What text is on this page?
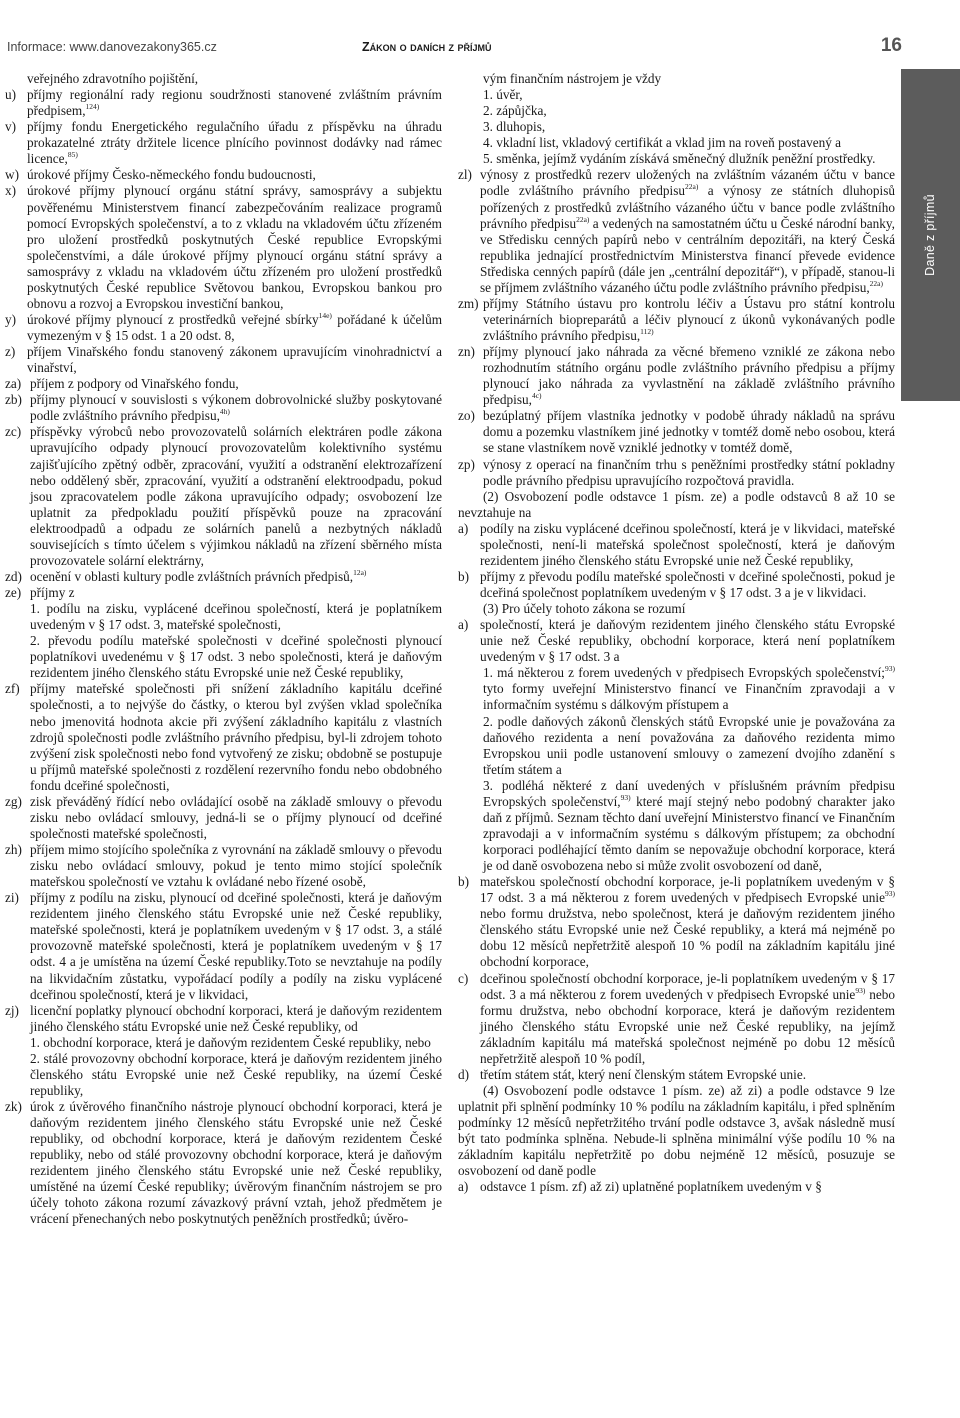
Informace: www.danovezakony365.cz	Zákon o daních z příjmů	16
Daně z příjmů
veřejného zdravotního pojištění,
u) příjmy regionální rady regionu soudržnosti stanovené zvláštním právním předpisem,$^{124)}$
v) příjmy fondu Energetického regulačního úřadu z příspěvku na úhradu prokazatelné ztráty držitele licence plnícího povinnost dodávky nad rámec licence,$^{85)}$
w) úrokové příjmy Česko-německého fondu budoucnosti,
x) úrokové příjmy plynoucí orgánu státní správy, samosprávy a subjektu pověřenému Ministerstvem financí zabezpečováním realizace programů pomocí Evropských společenství, a to z vkladu na vkladovém účtu zřízeném pro uložení prostředků poskytnutých České republice Evropskými společenstvími, a dále úrokové příjmy plynoucí orgánu státní správy a samosprávy z vkladu na vkladovém účtu zřízeném pro uložení prostředků poskytnutých České republice Světovou bankou, Evropskou bankou pro obnovu a rozvoj a Evropskou investiční bankou,
y) úrokové příjmy plynoucí z prostředků veřejné sbírky$^{14e)}$ pořádané k účelům vymezeným v § 15 odst. 1 a 20 odst. 8,
z) příjem Vinařského fondu stanovený zákonem upravujícím vinohradnictví a vinařství,
za) příjem z podpory od Vinařského fondu,
zb) příjmy plynoucí v souvislosti s výkonem dobrovolnické služby poskytované podle zvláštního právního předpisu,$^{4h)}$
zc) příspěvky výrobců nebo provozovatelů solárních elektráren podle zákona upravujícího odpady plynoucí provozovatelům kolektivního systému zajišťujícího zpětný odběr, zpracování, využití a odstranění elektrozařízení nebo oddělený sběr, zpracování, využití a odstranění elektroodpadu, pokud jsou zpracovatelem podle zákona upravujícího odpady; osvobození lze uplatnit za předpokladu použití příspěvků pouze na zpracování elektroodpadů a odpadu ze solárních panelů a nezbytných nákladů souvisejících s tímto účelem s výjimkou nákladů na zřízení sběrného místa provozovatele solární elektrárny,
zd) ocenění v oblasti kultury podle zvláštních právních předpisů,$^{12a)}$
ze) příjmy z
1. podílu na zisku, vyplácené dceřinou společností, která je poplatníkem uvedeným v § 17 odst. 3, mateřské společnosti,
2. převodu podílu mateřské společnosti v dceřiné společnosti plynoucí poplatníkovi uvedenému v § 17 odst. 3 nebo společnosti, která je daňovým rezidentem jiného členského státu Evropské unie než České republiky,
zf) příjmy mateřské společnosti při snížení základního kapitálu dceřiné společnosti, a to nejvýše do částky, o kterou byl zvýšen vklad společníka nebo jmenovitá hodnota akcie při zvýšení základního kapitálu z vlastních zdrojů společnosti podle zvláštního právního předpisu, byl-li zdrojem tohoto zvýšení zisk společnosti nebo fond vytvořený ze zisku; obdobně se postupuje u příjmů mateřské společnosti z rozdělení rezervního fondu nebo obdobného fondu dceřiné společnosti,
zg) zisk převáděný řídící nebo ovládající osobě na základě smlouvy o převodu zisku nebo ovládací smlouvy, jedná-li se o příjmy plynoucí od dceřiné společnosti mateřské společnosti,
zh) příjem mimo stojícího společníka z vyrovnání na základě smlouvy o převodu zisku nebo ovládací smlouvy, pokud je tento mimo stojící společník mateřskou společností ve vztahu k ovládané nebo řízené osobě,
zi) příjmy z podílu na zisku, plynoucí od dceřiné společnosti, která je daňovým rezidentem jiného členského státu Evropské unie než České republiky, mateřské společnosti, která je poplatníkem uvedeným v § 17 odst. 3, a stálé provozovně mateřské společnosti, která je poplatníkem uvedeným v § 17 odst. 4 a je umístěna na území České republiky.Toto se nevztahuje na podíly na likvidačním zůstatku, vypořádací podíly a podíly na zisku vyplácené dceřinou společností, která je v likvidaci,
zj) licenční poplatky plynoucí obchodní korporaci, která je daňovým rezidentem jiného členského státu Evropské unie než České republiky, od
1. obchodní korporace, která je daňovým rezidentem České republiky, nebo
2. stálé provozovny obchodní korporace, která je daňovým rezidentem jiného členského státu Evropské unie než České republiky, na území České republiky,
zk) úrok z úvěrového finančního nástroje plynoucí obchodní korporaci, která je daňovým rezidentem jiného členského státu Evropské unie než České republiky, od obchodní korporace, která je daňovým rezidentem České republiky, nebo od stálé provozovny obchodní korporace, která je daňovým rezidentem jiného členského státu Evropské unie než České republiky, umístěné na území České republiky; úvěrovým finančním nástrojem se pro účely tohoto zákona rozumí závazkový právní vztah, jehož předmětem je vrácení přenechaných nebo poskytnutých peněžních prostředků; úvěro-
vým finančním nástrojem je vždy
1. úvěr,
2. zápůjčka,
3. dluhopis,
4. vkladní list, vkladový certifikát a vklad jim na roveň postavený a
5. směnka, jejímž vydáním získává směnečný dlužník peněžní prostředky.
zl) výnosy z prostředků rezerv uložených na zvláštním vázaném účtu v bance podle zvláštního právního předpisu$^{22a)}$ a výnosy ze státních dluhopisů pořízených z prostředků zvláštního vázaného účtu v bance podle zvláštního právního předpisu$^{22a)}$ a vedených na samostatném účtu u České národní banky, ve Středisku cenných papírů nebo v centrálním depozitáři, na který Česká republika jednající prostřednictvím Ministerstva financí převede evidence Střediska cenných papírů (dále jen „centrální depozitář“), v případě, stanou-li se příjmem zvláštního vázaného účtu podle zvláštního právního předpisu,$^{22a)}$
zm) příjmy Státního ústavu pro kontrolu léčiv a Ústavu pro státní kontrolu veterinárních biopreparátů a léčiv plynoucí z úkonů vykonávaných podle zvláštního právního předpisu,$^{112)}$
zn) příjmy plynoucí jako náhrada za věcné břemeno vzniklé ze zákona nebo rozhodnutím státního orgánu podle zvláštního právního předpisu a příjmy plynoucí jako náhrada za vyvlastnění na základě zvláštního právního předpisu,$^{4c)}$
zo) bezúplatný příjem vlastníka jednotky v podobě úhrady nákladů na správu domu a pozemku vlastníkem jiné jednotky v tomtéž domě nebo osobou, která se stane vlastníkem nově vzniklé jednotky v tomtéž domě,
zp) výnosy z operací na finančním trhu s peněžními prostředky státní pokladny podle právního předpisu upravujícího rozpočtová pravidla.
(2) Osvobození podle odstavce 1 písm. ze) a podle odstavců 8 až 10 se nevztahuje na
a) podíly na zisku vyplácené dceřinou společností, která je v likvidaci, mateřské společnosti, není-li mateřská společnost společností, která je daňovým rezidentem jiného členského státu Evropské unie než České republiky,
b) příjmy z převodu podílu mateřské společnosti v dceřiné společnosti, pokud je dceřiná společnost poplatníkem uvedeným v § 17 odst. 3 a je v likvidaci.
(3) Pro účely tohoto zákona se rozumí
a) společností, která je daňovým rezidentem jiného členského státu Evropské unie než České republiky, obchodní korporace, která není poplatníkem uvedeným v § 17 odst. 3 a
1. má některou z forem uvedených v předpisech Evropských společenství;$^{93)}$ tyto formy uveřejní Ministerstvo financí ve Finančním zpravodaji a v informačním systému s dálkovým přístupem a
2. podle daňových zákonů členských států Evropské unie je považována za daňového rezidenta a není považována za daňového rezidenta mimo Evropskou unii podle ustanovení smlouvy o zamezení dvojího zdanění s třetím státem a
3. podléhá některé z daní uvedených v příslušném právním předpisu Evropských společenství,$^{93)}$ které mají stejný nebo podobný charakter jako daň z příjmů. Seznam těchto daní uveřejní Ministerstvo financí ve Finančním zpravodaji a v informačním systému s dálkovým přístupem; za obchodní korporaci podléhající těmto daním se nepovažuje obchodní korporace, která je od daně osvobozena nebo si může zvolit osvobození od daně,
b) mateřskou společností obchodní korporace, je-li poplatníkem uvedeným v § 17 odst. 3 a má některou z forem uvedených v předpisech Evropské unie$^{93)}$ nebo formu družstva, nebo společnost, která je daňovým rezidentem jiného členského státu Evropské unie než České republiky, a která má nejméně po dobu 12 měsíců nepřetržitě alespoň 10 % podíl na základním kapitálu jiné obchodní korporace,
c) dceřinou společností obchodní korporace, je-li poplatníkem uvedeným v § 17 odst. 3 a má některou z forem uvedených v předpisech Evropské unie$^{93)}$ nebo formu družstva, nebo obchodní korporace, která je daňovým rezidentem jiného členského státu Evropské unie než České republiky, na jejímž základním kapitálu má mateřská společnost nejméně po dobu 12 měsíců nepřetržitě alespoň 10 % podíl,
d) třetím státem stát, který není členským státem Evropské unie.
(4) Osvobození podle odstavce 1 písm. ze) až zi) a podle odstavce 9 lze uplatnit při splnění podmínky 10 % podílu na základním kapitálu, i před splněním podmínky 12 měsíců nepřetržitého trvání podle odstavce 3, avšak následně musí být tato podmínka splněna. Nebude-li splněna minimální výše podílu 10 % na základním kapitálu nepřetržitě po dobu nejméně 12 měsíců, posuzuje se osvobození od daně podle
a) odstavce 1 písm. zf) až zi) uplatněné poplatníkem uvedeným v §
